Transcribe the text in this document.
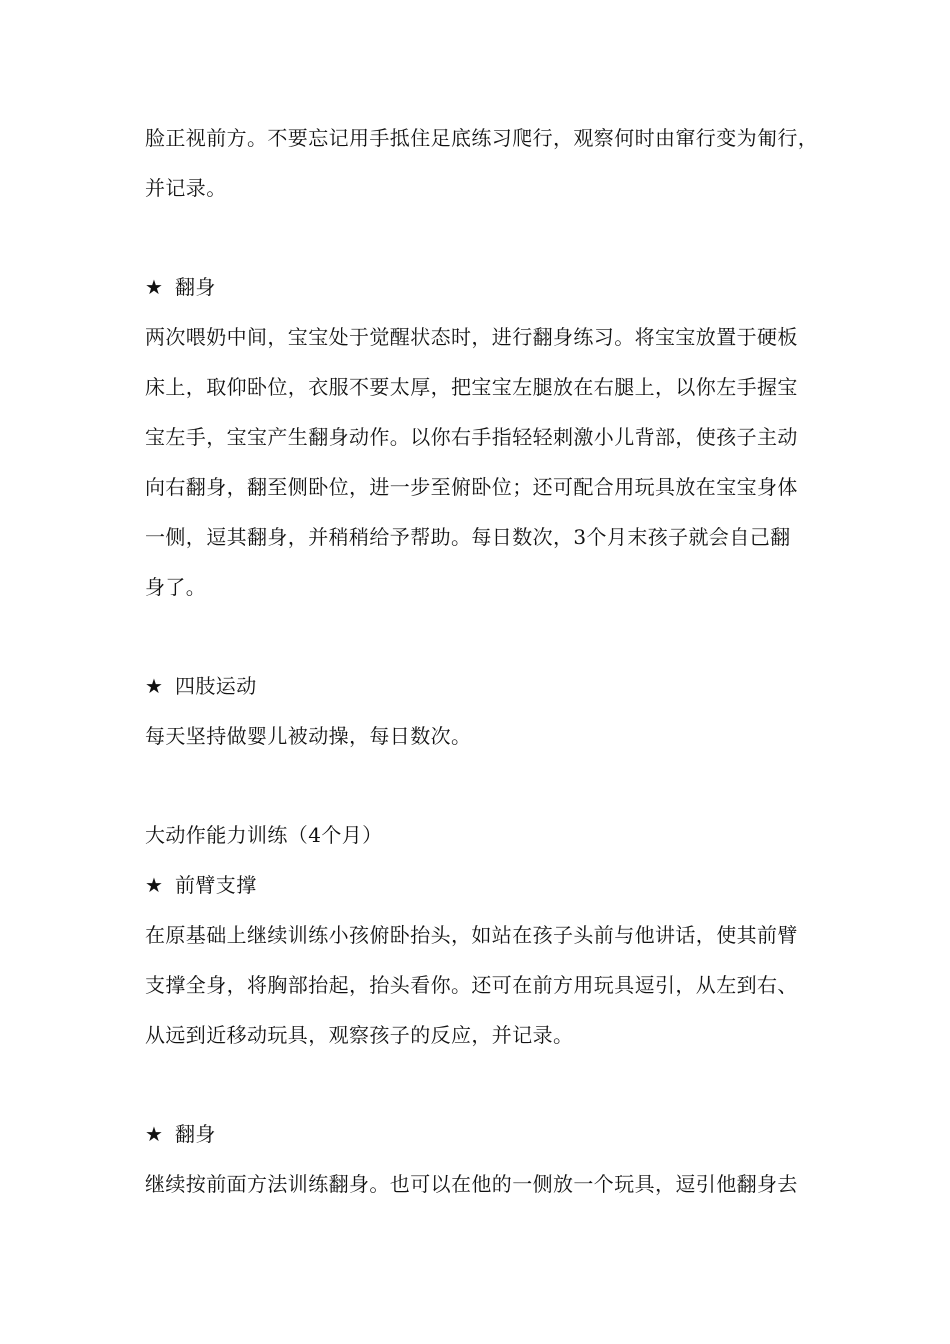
脸正视前方。不要忘记用手抵住足底练习爬行，观察何时由窜行变为匍行，
并记录。
★ 翻身
两次喂奶中间，宝宝处于觉醒状态时，进行翻身练习。将宝宝放置于硬板
床上，取仰卧位，衣服不要太厚，把宝宝左腿放在右腿上，以你左手握宝
宝左手，宝宝产生翻身动作。以你右手指轻轻刺激小儿背部，使孩子主动
向右翻身，翻至侧卧位，进一步至俯卧位；还可配合用玩具放在宝宝身体
一侧，逗其翻身，并稍稍给予帮助。每日数次，3个月末孩子就会自己翻
身了。
★ 四肢运动
每天坚持做婴儿被动操，每日数次。
大动作能力训练（4个月）
★ 前臂支撑
在原基础上继续训练小孩俯卧抬头，如站在孩子头前与他讲话，使其前臂
支撑全身，将胸部抬起，抬头看你。还可在前方用玩具逗引，从左到右、
从远到近移动玩具，观察孩子的反应，并记录。
★ 翻身
继续按前面方法训练翻身。也可以在他的一侧放一个玩具，逗引他翻身去
